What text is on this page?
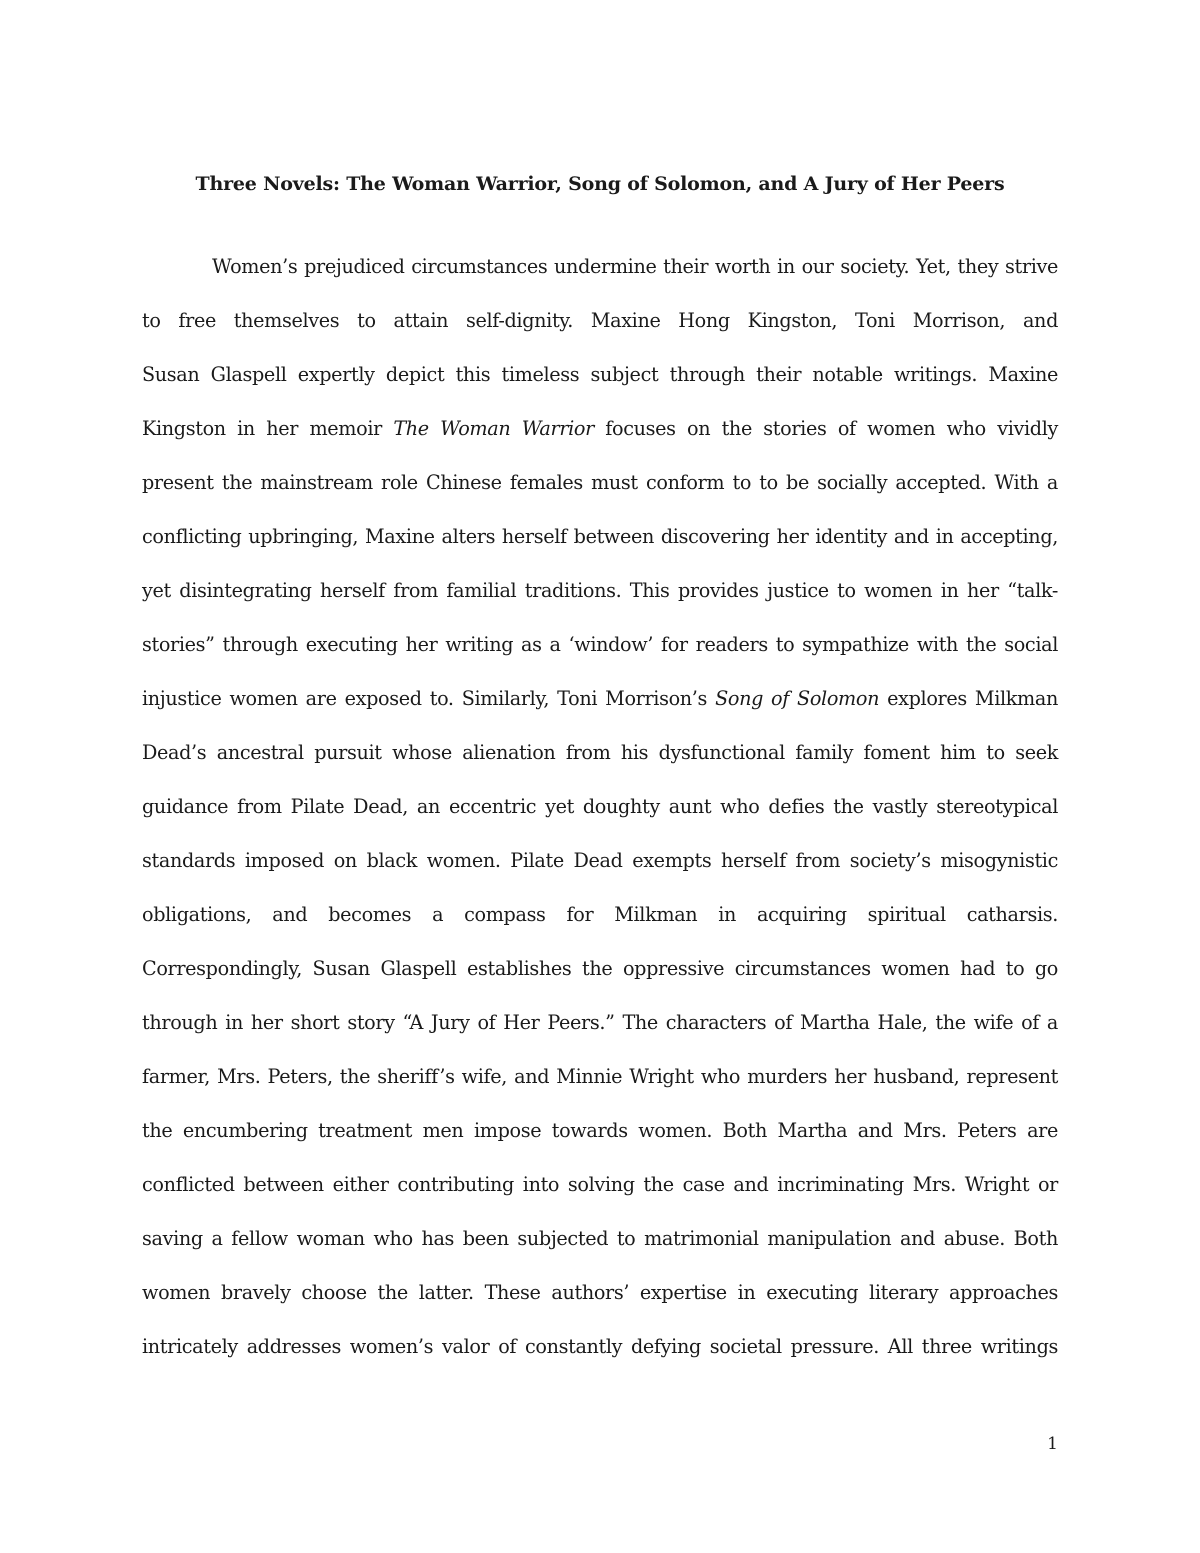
Three Novels: The Woman Warrior, Song of Solomon, and A Jury of Her Peers
Women’s prejudiced circumstances undermine their worth in our society. Yet, they strive
to free themselves to attain self-dignity. Maxine Hong Kingston, Toni Morrison, and
Susan Glaspell expertly depict this timeless subject through their notable writings. Maxine
Kingston in her memoir The Woman Warrior focuses on the stories of women who vividly
present the mainstream role Chinese females must conform to to be socially accepted. With a
conflicting upbringing, Maxine alters herself between discovering her identity and in accepting,
yet disintegrating herself from familial traditions. This provides justice to women in her “talk-
stories” through executing her writing as a ‘window’ for readers to sympathize with the social
injustice women are exposed to. Similarly, Toni Morrison’s Song of Solomon explores Milkman
Dead’s ancestral pursuit whose alienation from his dysfunctional family foment him to seek
guidance from Pilate Dead, an eccentric yet doughty aunt who defies the vastly stereotypical
standards imposed on black women. Pilate Dead exempts herself from society’s misogynistic
obligations, and becomes a compass for Milkman in acquiring spiritual catharsis.
Correspondingly, Susan Glaspell establishes the oppressive circumstances women had to go
through in her short story “A Jury of Her Peers.” The characters of Martha Hale, the wife of a
farmer, Mrs. Peters, the sheriff’s wife, and Minnie Wright who murders her husband, represent
the encumbering treatment men impose towards women. Both Martha and Mrs. Peters are
conflicted between either contributing into solving the case and incriminating Mrs. Wright or
saving a fellow woman who has been subjected to matrimonial manipulation and abuse. Both
women bravely choose the latter. These authors’ expertise in executing literary approaches
intricately addresses women’s valor of constantly defying societal pressure. All three writings
1
